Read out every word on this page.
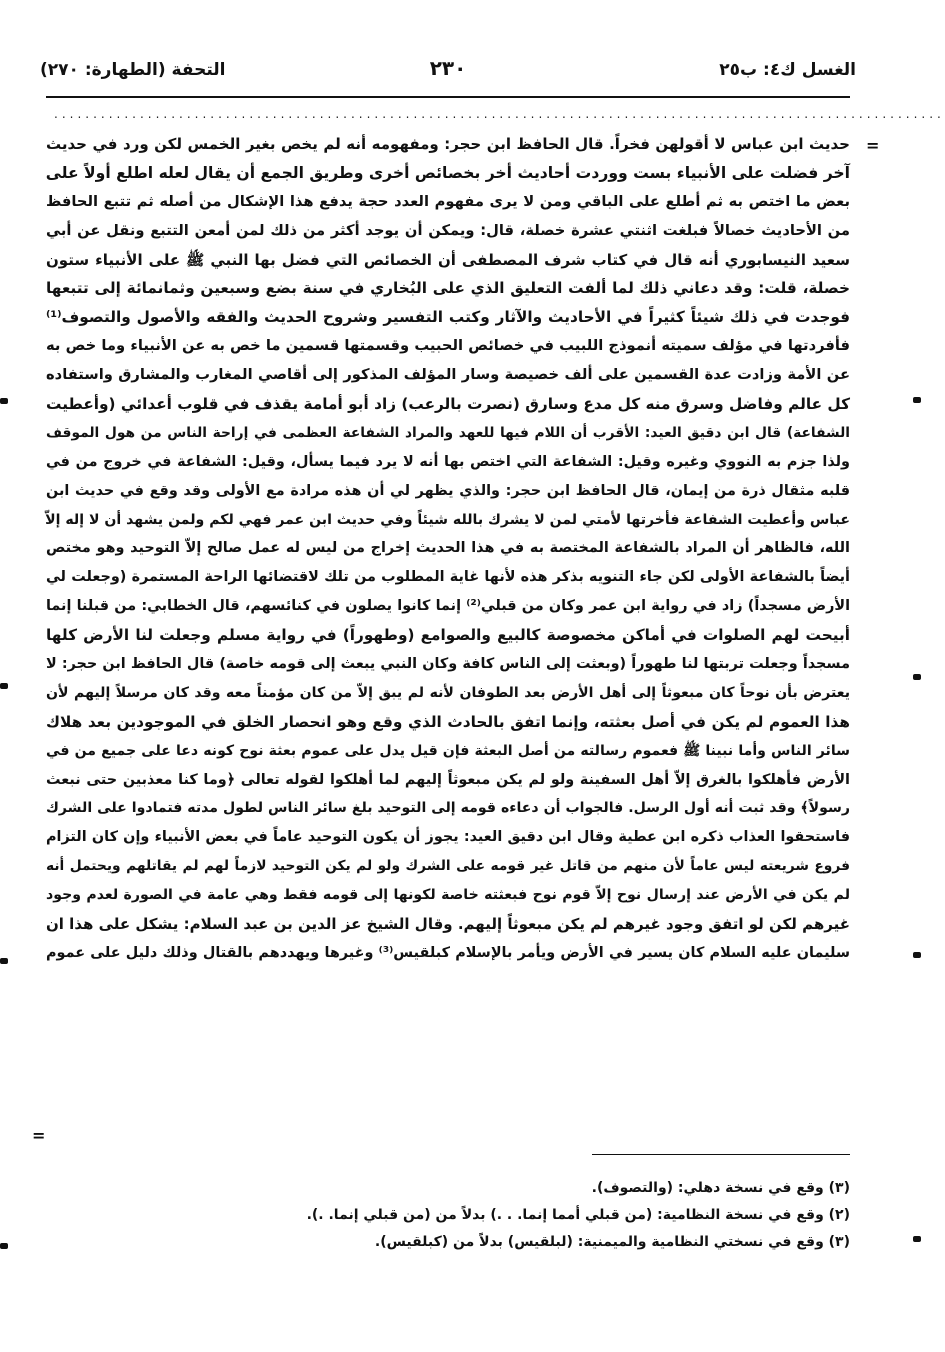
الغسل ك٤: ب٢٥
٢٣٠
التحفة (الطهارة: ٢٧٠)
..................................................................................................................
=
=
حديث ابن عباس لا أقولهن فخراً. قال الحافظ ابن حجر: ومفهومه أنه لم يخص بغير الخمس لكن ورد في حديث
آخر فضلت على الأنبياء بست ووردت أحاديث أخر بخصائص أخرى وطريق الجمع أن يقال لعله اطلع أولاً على
بعض ما اختص به ثم أطلع على الباقي ومن لا يرى مفهوم العدد حجة يدفع هذا الإشكال من أصله ثم تتبع الحافظ
من الأحاديث خصالاً فبلغت اثنتي عشرة خصلة، قال: ويمكن أن يوجد أكثر من ذلك لمن أمعن التتبع ونقل عن أبي
سعيد النيسابوري أنه قال في كتاب شرف المصطفى أن الخصائص التي فضل بها النبي ﷺ على الأنبياء ستون
خصلة، قلت: وقد دعاني ذلك لما ألفت التعليق الذي على البُخاري في سنة بضع وسبعين وثمانمائة إلى تتبعها
فوجدت في ذلك شيئاً كثيراً في الأحاديث والآثار وكتب التفسير وشروح الحديث والفقه والأصول والتصوف⁽¹⁾
فأفردتها في مؤلف سميته أنموذج اللبيب في خصائص الحبيب وقسمتها قسمين ما خص به عن الأنبياء وما خص به
عن الأمة وزادت عدة القسمين على ألف خصيصة وسار المؤلف المذكور إلى أقاصي المغارب والمشارق واستفاده
كل عالم وفاضل وسرق منه كل مدع وسارق (نصرت بالرعب) زاد أبو أمامة يقذف في قلوب أعدائي (وأعطيت
الشفاعة) قال ابن دقيق العيد: الأقرب أن اللام فيها للعهد والمراد الشفاعة العظمى في إراحة الناس من هول الموقف
ولذا جزم به النووي وغيره وقيل: الشفاعة التي اختص بها أنه لا يرد فيما يسأل، وقيل: الشفاعة في خروج من في
قلبه مثقال ذرة من إيمان، قال الحافظ ابن حجر: والذي يظهر لي أن هذه مرادة مع الأولى وقد وقع في حديث ابن
عباس وأعطيت الشفاعة فأخرتها لأمتي لمن لا يشرك بالله شيئاً وفي حديث ابن عمر فهي لكم ولمن يشهد أن لا إله إلاّ
الله، فالظاهر أن المراد بالشفاعة المختصة به في هذا الحديث إخراج من ليس له عمل صالح إلاّ التوحيد وهو مختص
أيضاً بالشفاعة الأولى لكن جاء التنويه بذكر هذه لأنها غاية المطلوب من تلك لاقتضائها الراحة المستمرة (وجعلت لي
الأرض مسجداً) زاد في رواية ابن عمر وكان من قبلي⁽²⁾ إنما كانوا يصلون في كنائسهم، قال الخطابي: من قبلنا إنما
أبيحت لهم الصلوات في أماكن مخصوصة كالبيع والصوامع (وطهوراً) في رواية مسلم وجعلت لنا الأرض كلها
مسجداً وجعلت تربتها لنا طهوراً (وبعثت إلى الناس كافة وكان النبي يبعث إلى قومه خاصة) قال الحافظ ابن حجر: لا
يعترض بأن نوحاً كان مبعوثاً إلى أهل الأرض بعد الطوفان لأنه لم يبق إلاّ من كان مؤمناً معه وقد كان مرسلاً إليهم لأن
هذا العموم لم يكن في أصل بعثته، وإنما اتفق بالحادث الذي وقع وهو انحصار الخلق في الموجودين بعد هلاك
سائر الناس وأما نبينا ﷺ فعموم رسالته من أصل البعثة فإن قيل يدل على عموم بعثة نوح كونه دعا على جميع من في
الأرض فأهلكوا بالغرق إلاّ أهل السفينة ولو لم يكن مبعوثاً إليهم لما أهلكوا لقوله تعالى ﴿وما كنا معذبين حتى نبعث
رسولاً﴾ وقد ثبت أنه أول الرسل. فالجواب أن دعاءه قومه إلى التوحيد بلغ سائر الناس لطول مدته فتمادوا على الشرك
فاستحقوا العذاب ذكره ابن عطية وقال ابن دقيق العيد: يجوز أن يكون التوحيد عاماً في بعض الأنبياء وإن كان التزام
فروع شريعته ليس عاماً لأن منهم من قاتل غير قومه على الشرك ولو لم يكن التوحيد لازماً لهم لم يقاتلهم ويحتمل أنه
لم يكن في الأرض عند إرسال نوح إلاّ قوم نوح فبعثته خاصة لكونها إلى قومه فقط وهي عامة في الصورة لعدم وجود
غيرهم لكن لو اتفق وجود غيرهم لم يكن مبعوثاً إليهم. وقال الشيخ عز الدين بن عبد السلام: يشكل على هذا ان
سليمان عليه السلام كان يسير في الأرض ويأمر بالإسلام كبلقيس⁽³⁾ وغيرها ويهددهم بالقتال وذلك دليل على عموم
(٣) وقع في نسخة دهلي: (والتصوف).
(٢) وقع في نسخة النظامية: (من قبلي أمما إنما. . .) بدلاً من (من قبلي إنما. .).
(٣) وقع في نسختي النظامية والميمنية: (لبلقيس) بدلاً من (كبلقيس).
